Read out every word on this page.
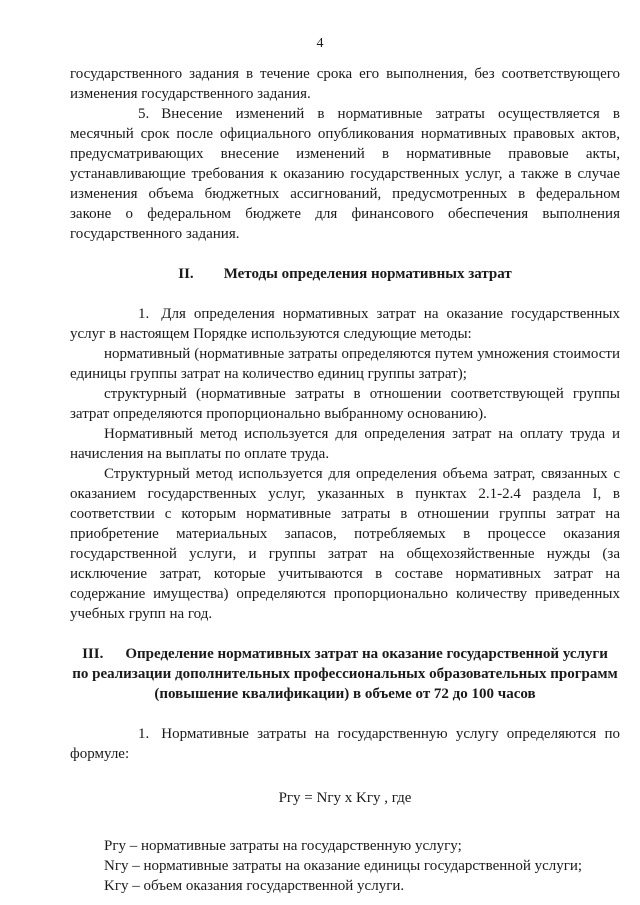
4

государственного задания в течение срока его выполнения, без соответствующего изменения государственного задания.

5. Внесение изменений в нормативные затраты осуществляется в месячный срок после официального опубликования нормативных правовых актов, предусматривающих внесение изменений в нормативные правовые акты, устанавливающие требования к оказанию государственных услуг, а также в случае изменения объема бюджетных ассигнований, предусмотренных в федеральном законе о федеральном бюджете для финансового обеспечения выполнения государственного задания.

II. Методы определения нормативных затрат

1. Для определения нормативных затрат на оказание государственных услуг в настоящем Порядке используются следующие методы:

нормативный (нормативные затраты определяются путем умножения стоимости единицы группы затрат на количество единиц группы затрат);

структурный (нормативные затраты в отношении соответствующей группы затрат определяются пропорционально выбранному основанию).

Нормативный метод используется для определения затрат на оплату труда и начисления на выплаты по оплате труда.

Структурный метод используется для определения объема затрат, связанных с оказанием государственных услуг, указанных в пунктах 2.1-2.4 раздела I, в соответствии с которым нормативные затраты в отношении группы затрат на приобретение материальных запасов, потребляемых в процессе оказания государственной услуги, и группы затрат на общехозяйственные нужды (за исключение затрат, которые учитываются в составе нормативных затрат на содержание имущества) определяются пропорционально количеству приведенных учебных групп на год.

III. Определение нормативных затрат на оказание государственной услуги
по реализации дополнительных профессиональных образовательных программ
(повышение квалификации) в объеме от 72 до 100 часов

1. Нормативные затраты на государственную услугу определяются по формуле:

Ргу = Nгу х Kгу , где

Pгу – нормативные затраты на государственную услугу;

Nгу – нормативные затраты на оказание единицы государственной услуги;

Kгу – объем оказания государственной услуги.
